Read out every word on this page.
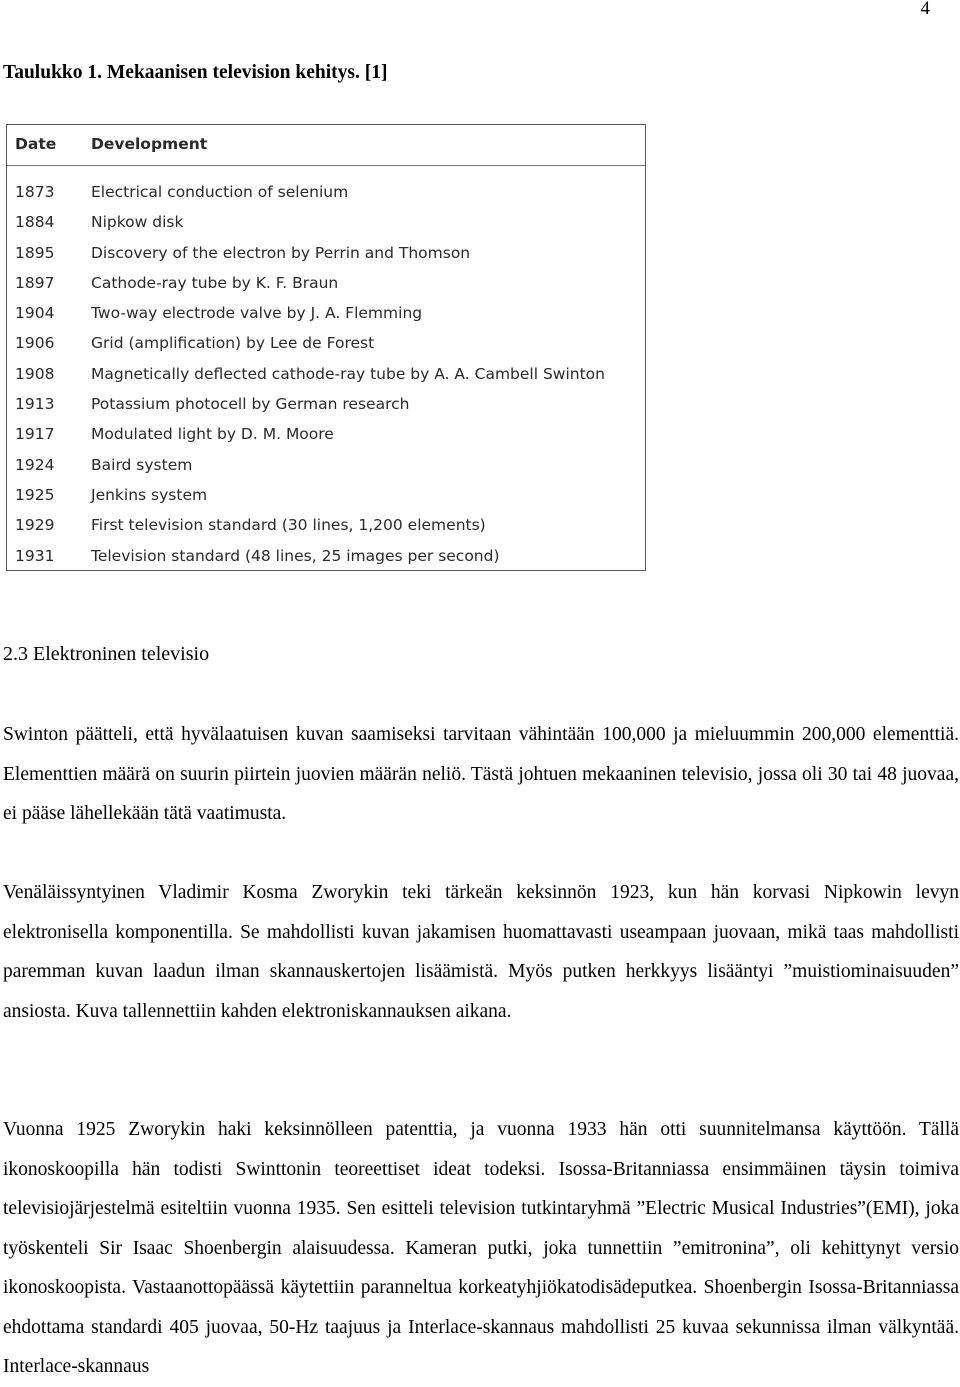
4
Taulukko 1. Mekaanisen television kehitys. [1]
Date Development
1873 Electrical conduction of selenium
1884 Nipkow disk
1895 Discovery of the electron by Perrin and Thomson
1897 Cathode-ray tube by K. F. Braun
1904 Two-way electrode valve by J. A. Flemming
1906 Grid (amplification) by Lee de Forest
1908 Magnetically deflected cathode-ray tube by A. A. Cambell Swinton
1913 Potassium photocell by German research
1917 Modulated light by D. M. Moore
1924 Baird system
1925 Jenkins system
1929 First television standard (30 lines, 1,200 elements)
1931 Television standard (48 lines, 25 images per second)
2.3 Elektroninen televisio

Swinton päätteli, että hyvälaatuisen kuvan saamiseksi tarvitaan vähintään 100,000 ja mieluummin 200,000 elementtiä. Elementtien määrä on suurin piirtein juovien määrän neliö. Tästä johtuen mekaaninen televisio, jossa oli 30 tai 48 juovaa, ei pääse lähellekään tätä vaatimusta.

Venäläissyntyinen Vladimir Kosma Zworykin teki tärkeän keksinnön 1923, kun hän korvasi Nipkowin levyn elektronisella komponentilla. Se mahdollisti kuvan jakamisen huomattavasti useampaan juovaan, mikä taas mahdollisti paremman kuvan laadun ilman skannauskertojen lisäämistä. Myös putken herkkyys lisääntyi ”muistiominaisuuden” ansiosta. Kuva tallennettiin kahden elektroniskannauksen aikana.

Vuonna 1925 Zworykin haki keksinnölleen patenttia, ja vuonna 1933 hän otti suunnitelmansa käyttöön. Tällä ikonoskoopilla hän todisti Swinttonin teoreettiset ideat todeksi. Isossa-Britanniassa ensimmäinen täysin toimiva televisiojärjestelmä esiteltiin vuonna 1935. Sen esitteli television tutkintaryhmä ”Electric Musical Industries”(EMI), joka työskenteli Sir Isaac Shoenbergin alaisuudessa. Kameran putki, joka tunnettiin ”emitronina”, oli kehittynyt versio ikonoskoopista. Vastaanottopäässä käytettiin paranneltua korkeatyhjiökatodisädeputkea. Shoenbergin Isossa-Britanniassa ehdottama standardi 405 juovaa, 50-Hz taajuus ja Interlace-skannaus mahdollisti 25 kuvaa sekunnissa ilman välkyntää. Interlace-skannaus
